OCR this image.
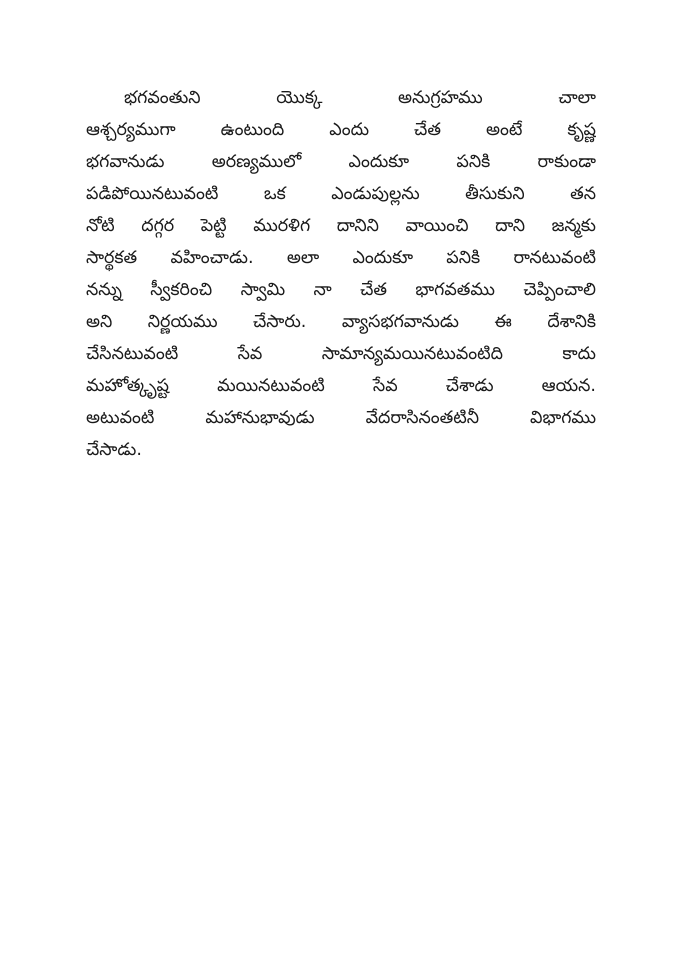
భగవంతుని యొక్క అనుగ్రహము చాలా
ఆశ్చర్యముగా ఉంటుంది ఎందు చేత అంటే కృష్ణ
భగవానుడు అరణ్యములో ఎందుకూ పనికి రాకుండా
పడిపోయినటువంటి ఒక ఎండుపుల్లను తీసుకుని తన
నోటి దగ్గర పెట్టి మురళిగ దానిని వాయించి దాని జన్మకు
సార్థకత వహించాడు. అలా ఎందుకూ పనికి రానటువంటి
నన్ను స్వీకరించి స్వామి నా చేత భాగవతము చెప్పించాలి
అని నిర్ణయము చేసారు. వ్యాసభగవానుడు ఈ దేశానికి
చేసినటువంటి సేవ సామాన్యమయినటువంటిది కాదు
మహోత్కృష్ట మయినటువంటి సేవ చేశాడు ఆయన.
అటువంటి మహానుభావుడు వేదరాసినంతటినీ విభాగము
చేసాడు.
